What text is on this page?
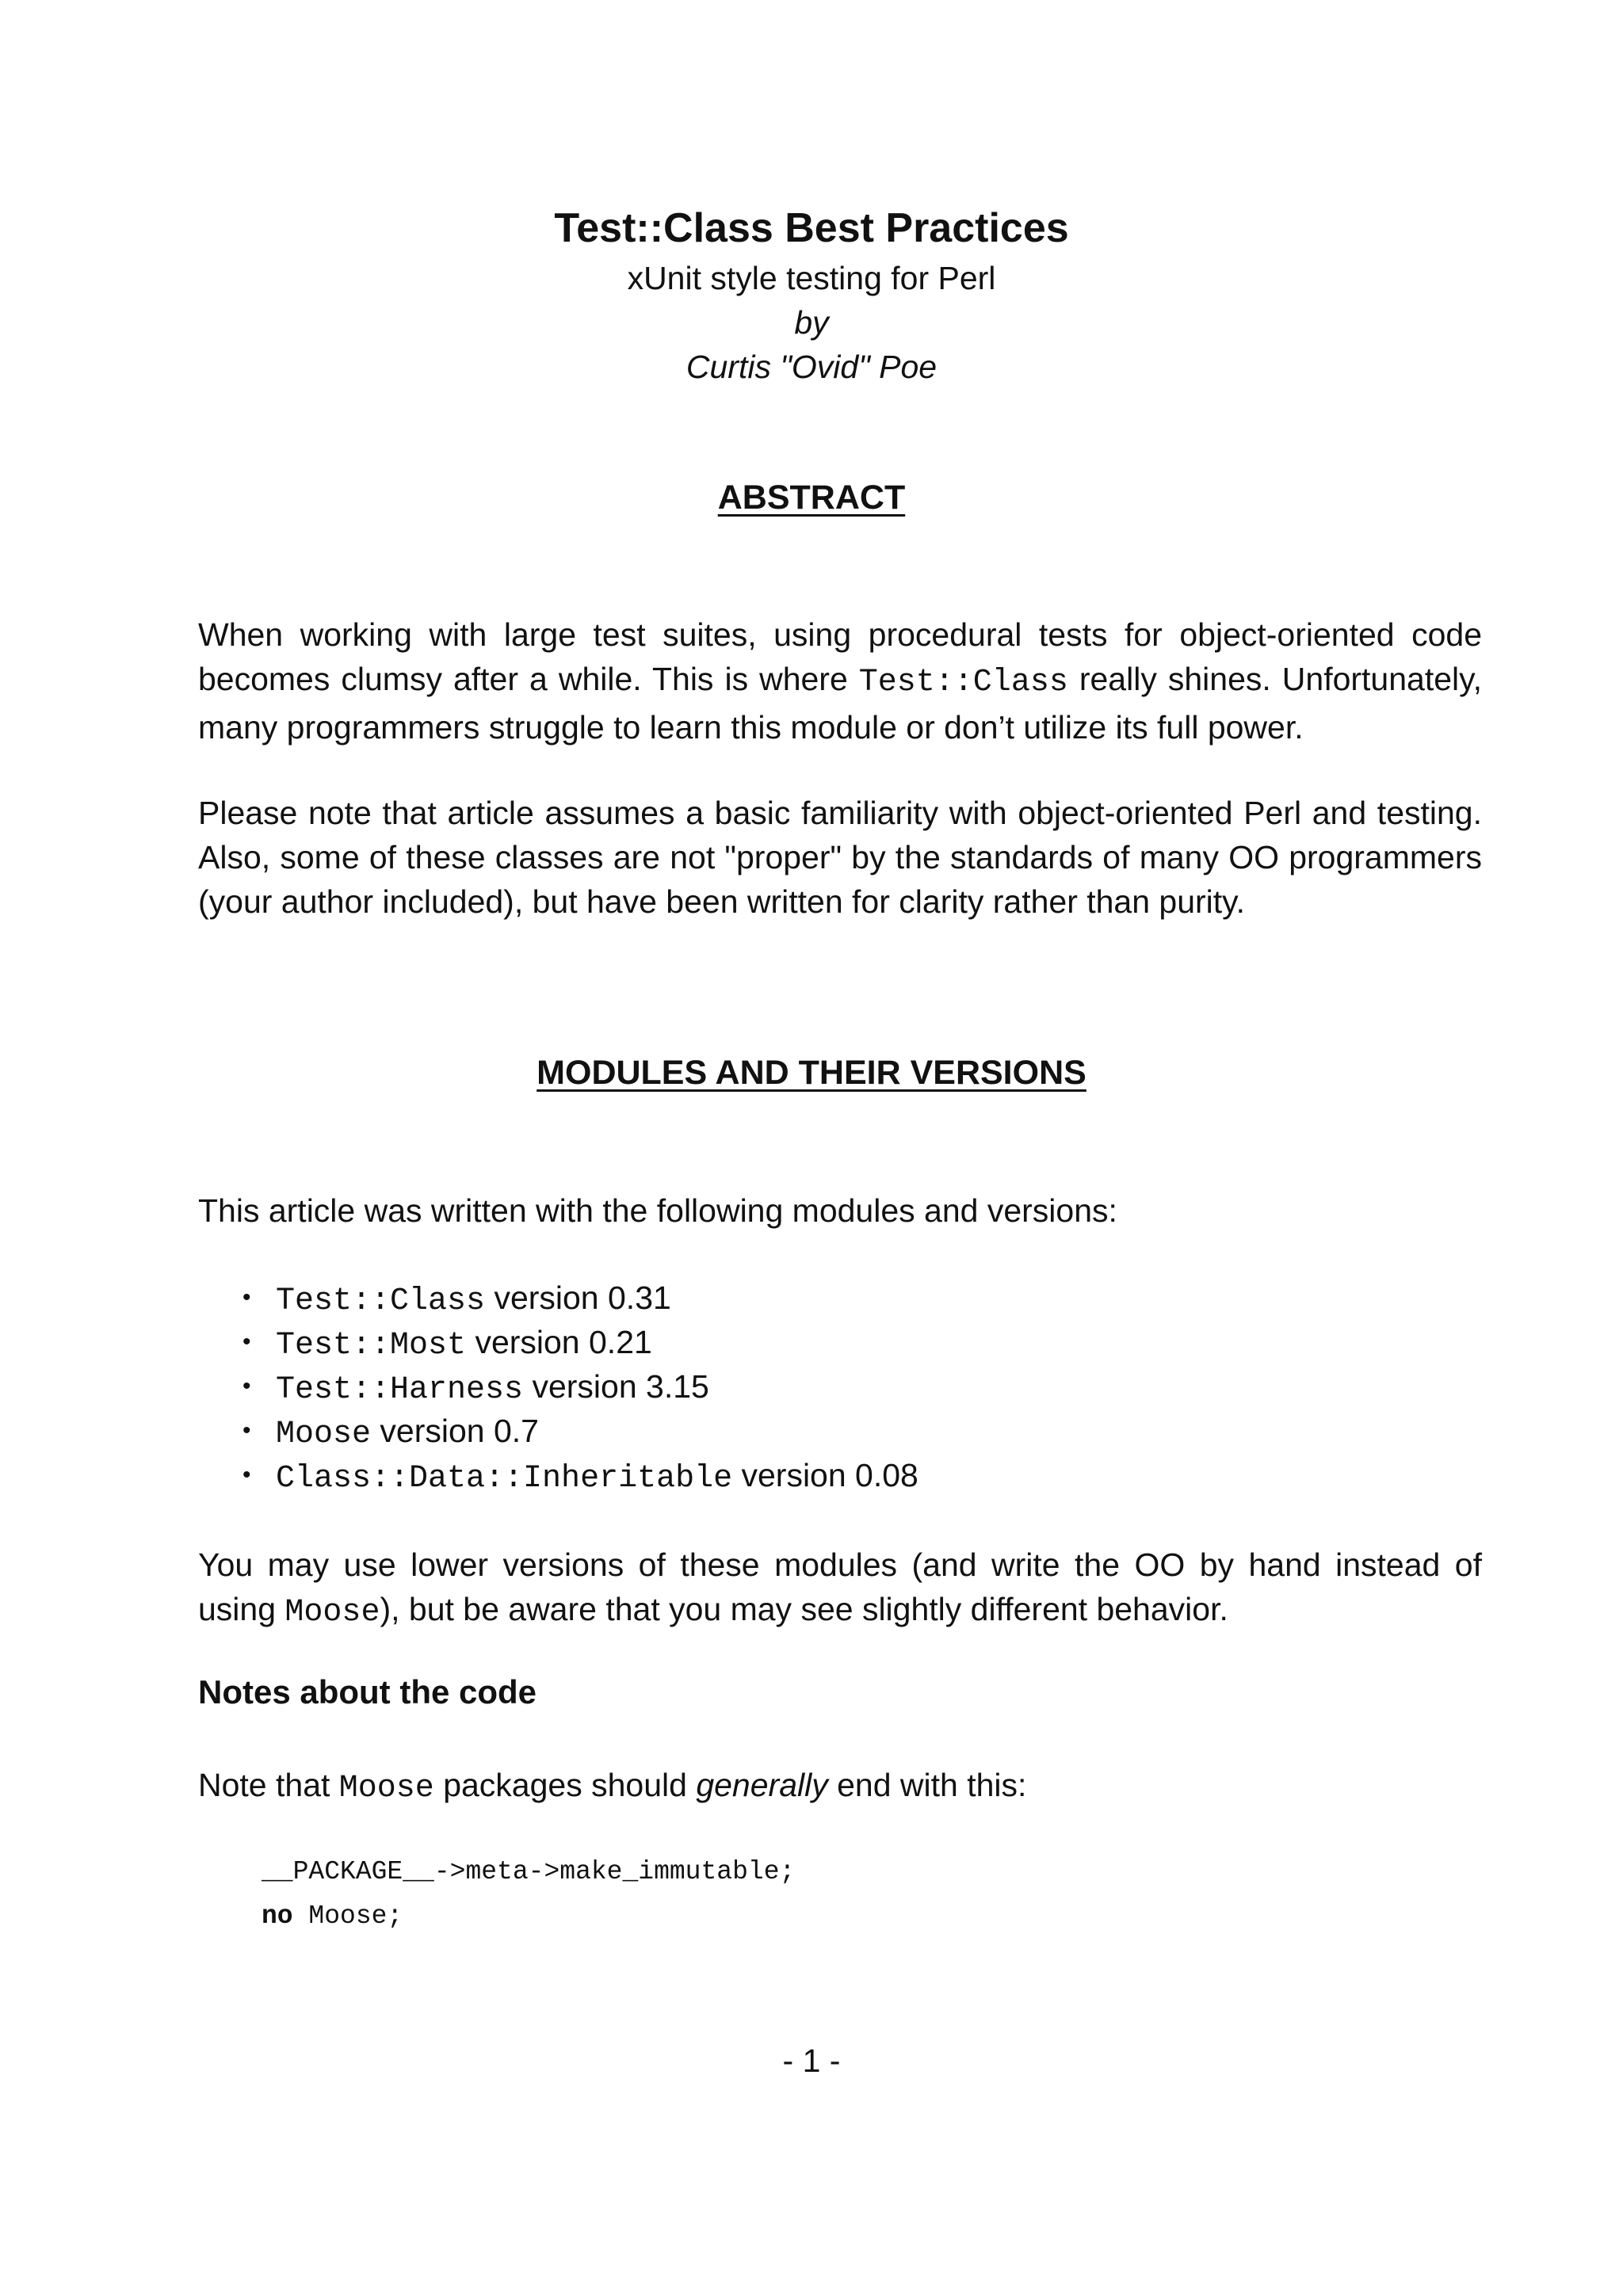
Test::Class Best Practices
xUnit style testing for Perl
by
Curtis "Ovid" Poe
ABSTRACT

When working with large test suites, using procedural tests for object-oriented code becomes clumsy after a while. This is where Test::Class really shines. Unfortunately, many programmers struggle to learn this module or don’t utilize its full power.

Please note that article assumes a basic familiarity with object-oriented Perl and testing. Also, some of these classes are not "proper" by the standards of many OO programmers (your author included), but have been written for clarity rather than purity.

MODULES AND THEIR VERSIONS

This article was written with the following modules and versions:

• Test::Class version 0.31
• Test::Most version 0.21
• Test::Harness version 3.15
• Moose version 0.7
• Class::Data::Inheritable version 0.08

You may use lower versions of these modules (and write the OO by hand instead of using Moose), but be aware that you may see slightly different behavior.

Notes about the code

Note that Moose packages should generally end with this:

__PACKAGE__->meta->make_immutable;
no Moose;
- 1 -
